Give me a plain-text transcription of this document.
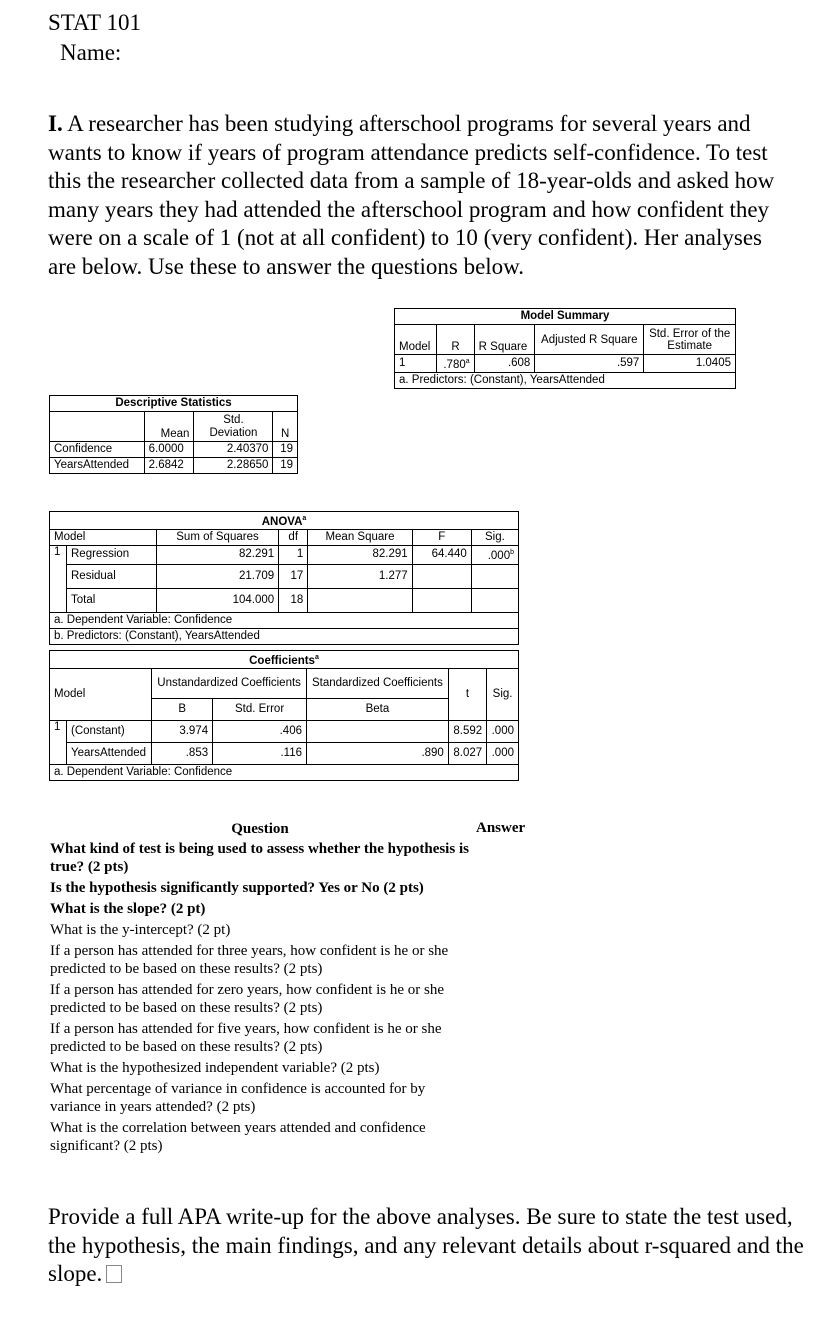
STAT 101
Name:
I. A researcher has been studying afterschool programs for several years and wants to know if years of program attendance predicts self-confidence. To test this the researcher collected data from a sample of 18-year-olds and asked how many years they had attended the afterschool program and how confident they were on a scale of 1 (not at all confident) to 10 (very confident). Her analyses are below. Use these to answer the questions below.
Model Summary				
Model	R	R Square	Adjusted R Square	Std. Error of the Estimate
1	.780$^a$	.608	.597	1.0405
a. Predictors: (Constant), YearsAttended				
Descriptive Statistics			
	Mean	Std. Deviation	N
Confidence	6.0000	2.40370	19
YearsAttended	2.6842	2.28650	19
ANOVA$^a$
Model		Sum of Squares	df	Mean Square	F	Sig.
1	Regression	82.291	1	82.291	64.440	.000$^b$
	Residual	21.709	17	1.277		
	Total	104.000	18			
a. Dependent Variable: Confidence						
b. Predictors: (Constant), YearsAttended						
Coefficients$^a$
Model		Unstandardized Coefficients		Standardized Coefficients	t	Sig.
		B	Std. Error	Beta		
1	(Constant)	3.974	.406		8.592	.000
	YearsAttended	.853	.116	.890	8.027	.000
a. Dependent Variable: Confidence						
Question
What kind of test is being used to assess whether the hypothesis is true? (2 pts)
Is the hypothesis significantly supported? Yes or No (2 pts)
What is the slope? (2 pt)
What is the y-intercept? (2 pt)
If a person has attended for three years, how confident is he or she predicted to be based on these results? (2 pts)
If a person has attended for zero years, how confident is he or she predicted to be based on these results? (2 pts)
If a person has attended for five years, how confident is he or she predicted to be based on these results? (2 pts)
What is the hypothesized independent variable? (2 pts)
What percentage of variance in confidence is accounted for by variance in years attended? (2 pts)
What is the correlation between years attended and confidence significant? (2 pts)
Answer
Provide a full APA write-up for the above analyses. Be sure to state the test used, the hypothesis, the main findings, and any relevant details about r-squared and the slope.
